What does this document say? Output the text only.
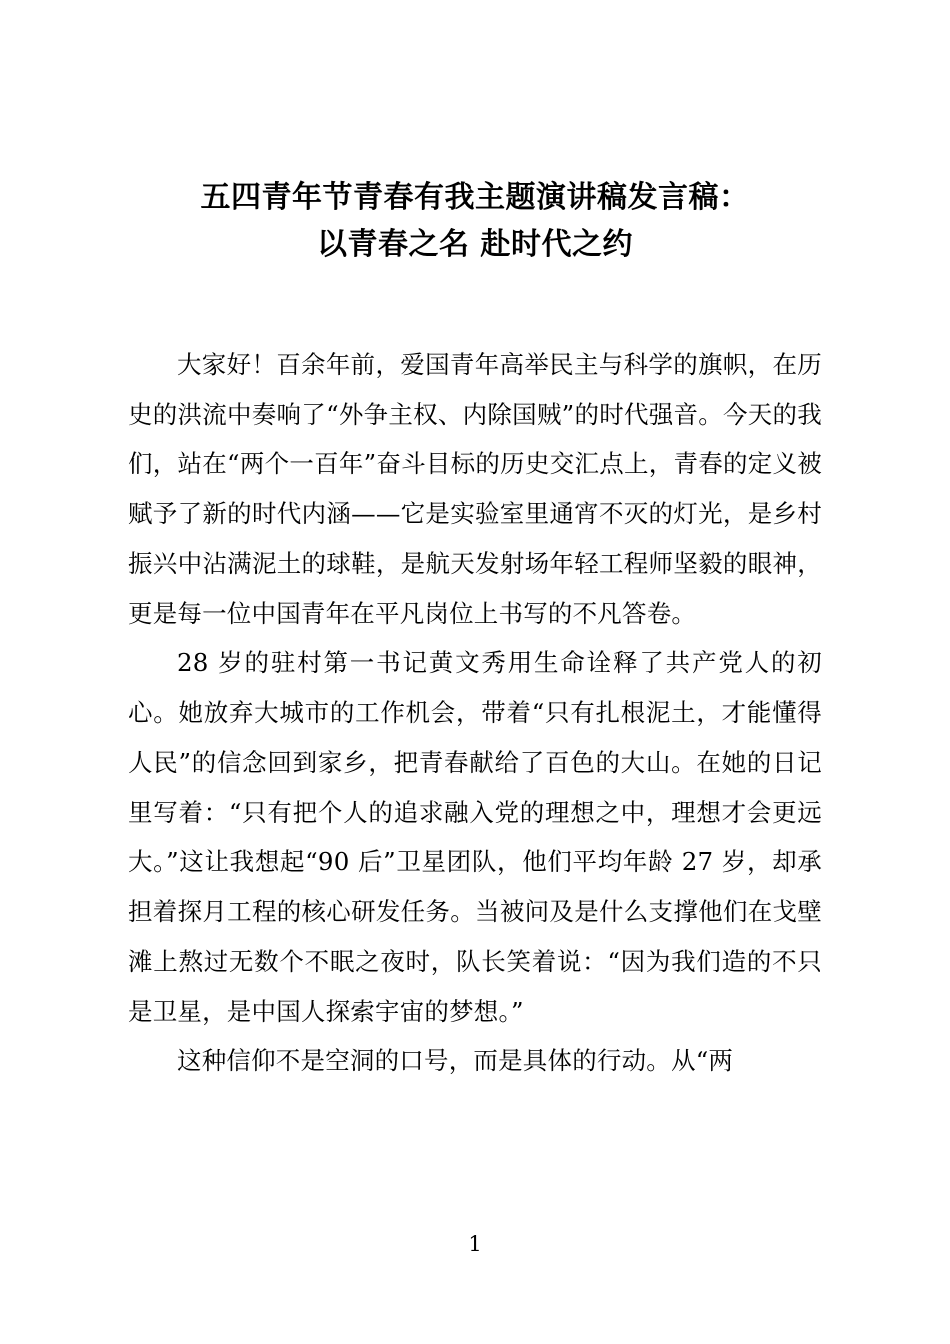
五四青年节青春有我主题演讲稿发言稿：
以青春之名 赴时代之约

大家好！百余年前，爱国青年高举民主与科学的旗帜，在历史的洪流中奏响了“外争主权、内除国贼”的时代强音。今天的我们，站在“两个一百年”奋斗目标的历史交汇点上，青春的定义被赋予了新的时代内涵——它是实验室里通宵不灭的灯光，是乡村振兴中沾满泥土的球鞋，是航天发射场年轻工程师坚毅的眼神，更是每一位中国青年在平凡岗位上书写的不凡答卷。

28 岁的驻村第一书记黄文秀用生命诠释了共产党人的初心。她放弃大城市的工作机会，带着“只有扎根泥土，才能懂得人民”的信念回到家乡，把青春献给了百色的大山。在她的日记里写着：“只有把个人的追求融入党的理想之中，理想才会更远大。”这让我想起“90 后”卫星团队，他们平均年龄 27 岁，却承担着探月工程的核心研发任务。当被问及是什么支撑他们在戈壁滩上熬过无数个不眠之夜时，队长笑着说：“因为我们造的不只是卫星，是中国人探索宇宙的梦想。”

这种信仰不是空洞的口号，而是具体的行动。从“两

1
